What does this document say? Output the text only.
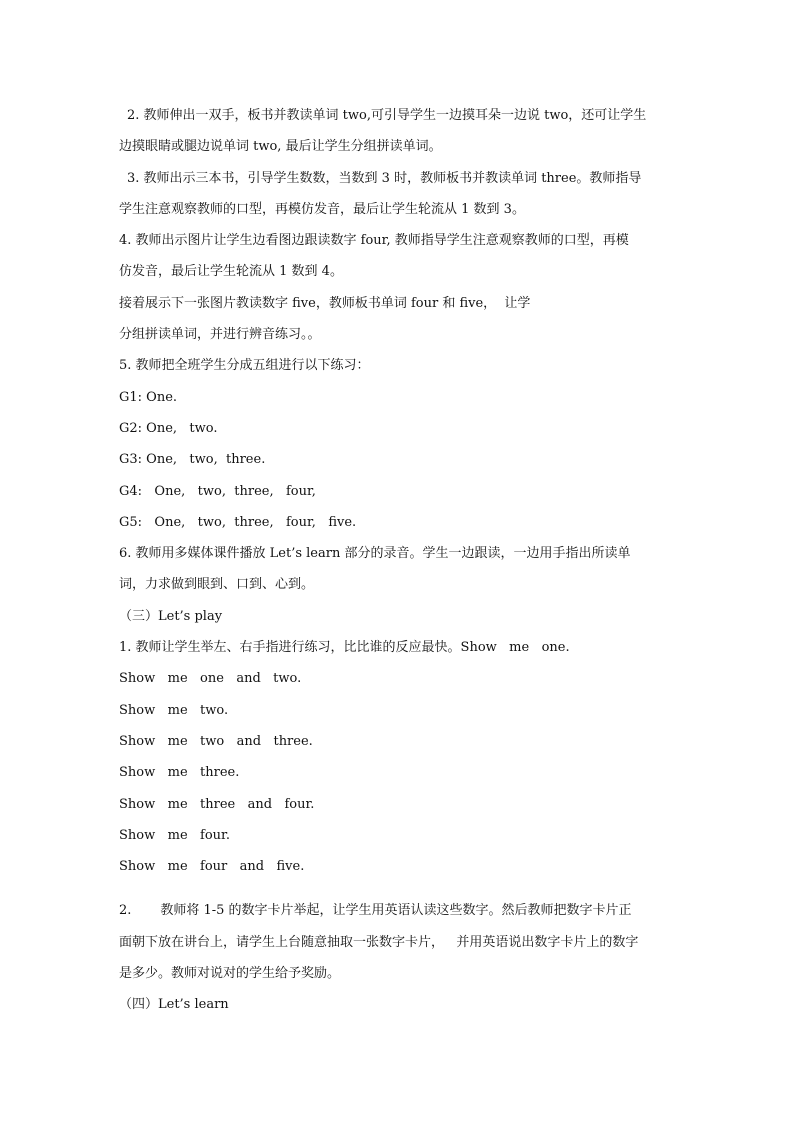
2. 教师伸出一双手，板书并教读单词 two,可引导学生一边摸耳朵一边说 two，还可让学生
边摸眼睛或腿边说单词 two, 最后让学生分组拼读单词。
3. 教师出示三本书，引导学生数数，当数到 3 时，教师板书并教读单词 three。教师指导
学生注意观察教师的口型，再模仿发音，最后让学生轮流从 1 数到 3。
4. 教师出示图片让学生边看图边跟读数字 four, 教师指导学生注意观察教师的口型，再模
仿发音，最后让学生轮流从 1 数到 4。
接着展示下一张图片教读数字 five，教师板书单词 four 和 five，  让学
分组拼读单词，并进行辨音练习。。
5. 教师把全班学生分成五组进行以下练习：
G1: One.
G2: One,   two.
G3: One,   two,  three.
G4:   One,   two,  three,   four,
G5:   One,   two,  three,   four,   five.
6. 教师用多媒体课件播放 Let’s learn 部分的录音。学生一边跟读，一边用手指出所读单
词，力求做到眼到、口到、心到。
（三）Let’s play
1. 教师让学生举左、右手指进行练习，比比谁的反应最快。Show   me   one.
Show   me   one   and   two.
Show   me   two.
Show   me   two   and   three.
Show   me   three.
Show   me   three   and   four.
Show   me   four.
Show   me   four   and   five.
2.       教师将 1-5 的数字卡片举起，让学生用英语认读这些数字。然后教师把数字卡片正
面朝下放在讲台上，请学生上台随意抽取一张数字卡片，   并用英语说出数字卡片上的数字
是多少。教师对说对的学生给予奖励。
（四）Let’s learn
